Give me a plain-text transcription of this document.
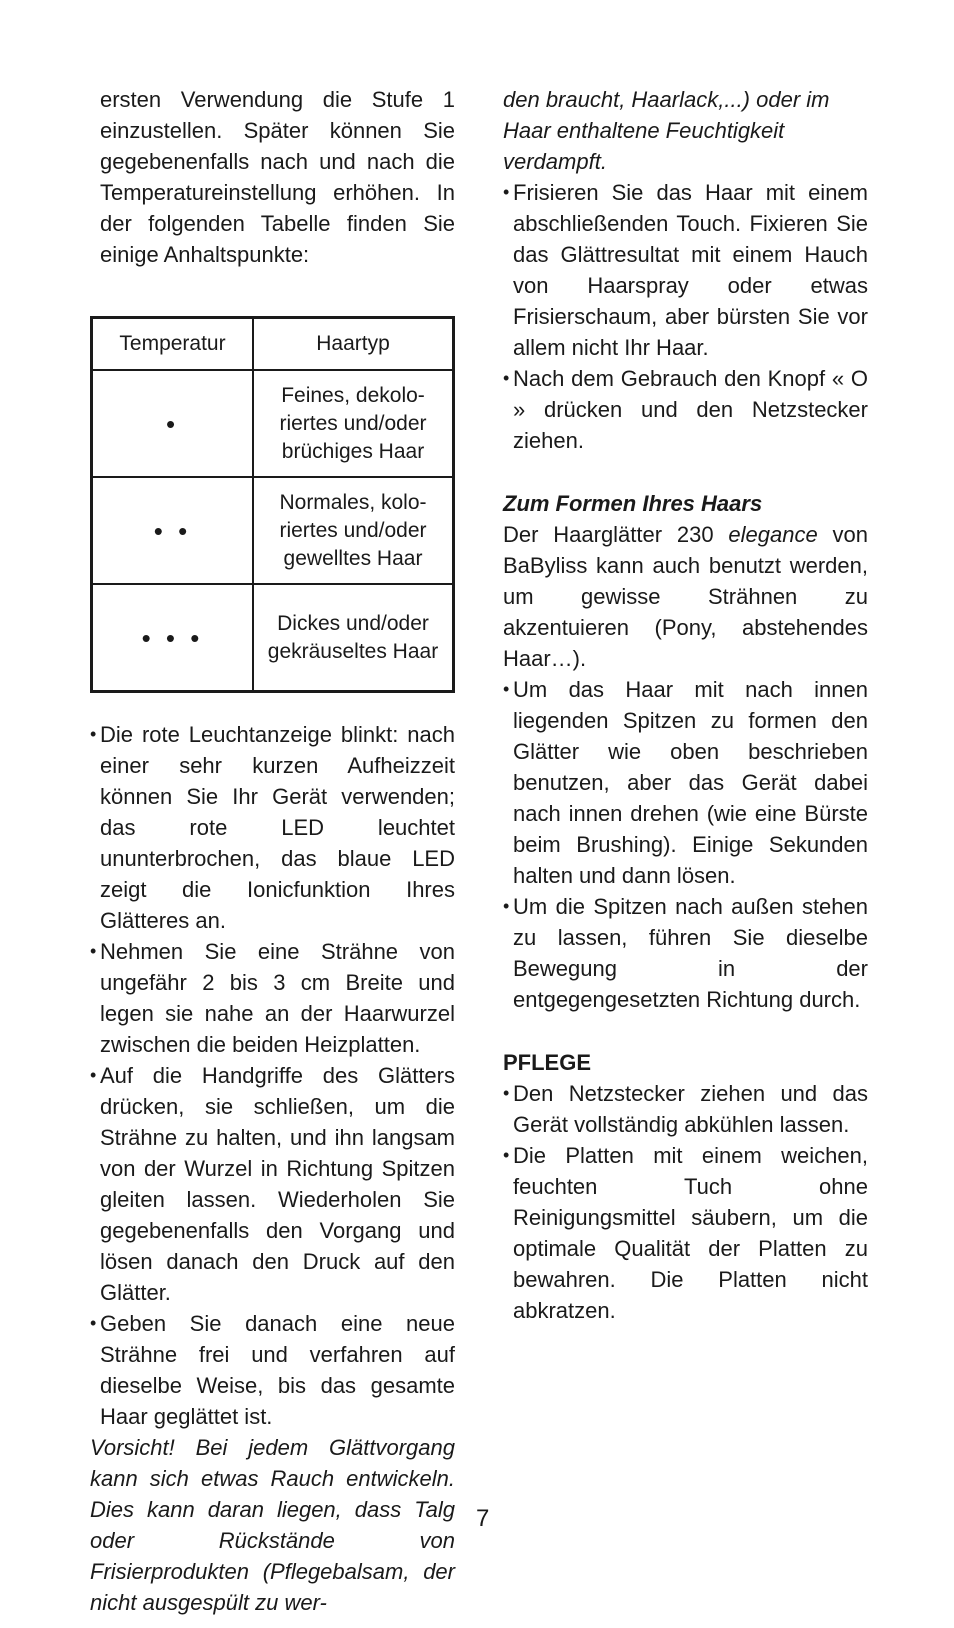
ersten Verwendung die Stufe 1 einzustellen. Später können Sie gegebenenfalls nach und nach die Temperatureinstellung erhöhen. In der folgenden Tabelle finden Sie einige Anhaltspunkte:

Temperatur	Haartyp
•	Feines, dekolo-riertes und/oder brüchiges Haar
• •	Normales, kolo-riertes und/oder gewelltes Haar
• • •	Dickes und/oder gekräuseltes Haar
• Die rote Leuchtanzeige blinkt: nach einer sehr kurzen Aufheizzeit können Sie Ihr Gerät verwenden; das rote LED leuchtet ununterbrochen, das blaue LED zeigt die Ionicfunktion Ihres Glätteres an.
• Nehmen Sie eine Strähne von ungefähr 2 bis 3 cm Breite und legen sie nahe an der Haarwurzel zwischen die beiden Heizplatten.
• Auf die Handgriffe des Glätters drücken, sie schließen, um die Strähne zu halten, und ihn langsam von der Wurzel in Richtung Spitzen gleiten lassen. Wiederholen Sie gegebenenfalls den Vorgang und lösen danach den Druck auf den Glätter.
• Geben Sie danach eine neue Strähne frei und verfahren auf dieselbe Weise, bis das gesamte Haar geglättet ist.

Vorsicht! Bei jedem Glättvorgang kann sich etwas Rauch entwickeln. Dies kann daran liegen, dass Talg oder Rückstände von Frisierprodukten (Pflegebalsam, der nicht ausgespült zu wer-

den braucht, Haarlack,...) oder im Haar enthaltene Feuchtigkeit verdampft.

• Frisieren Sie das Haar mit einem abschließenden Touch. Fixieren Sie das Glättresultat mit einem Hauch von Haarspray oder etwas Frisierschaum, aber bürsten Sie vor allem nicht Ihr Haar.
• Nach dem Gebrauch den Knopf « O » drücken und den Netzstecker ziehen.

Zum Formen Ihres Haars

Der Haarglätter 230 elegance von BaByliss kann auch benutzt werden, um gewisse Strähnen zu akzentuieren (Pony, abstehendes Haar…).

• Um das Haar mit nach innen liegenden Spitzen zu formen den Glätter wie oben beschrieben benutzen, aber das Gerät dabei nach innen drehen (wie eine Bürste beim Brushing). Einige Sekunden halten und dann lösen.
• Um die Spitzen nach außen stehen zu lassen, führen Sie dieselbe Bewegung in der entgegengesetzten Richtung durch.

PFLEGE

• Den Netzstecker ziehen und das Gerät vollständig abkühlen lassen.
• Die Platten mit einem weichen, feuchten Tuch ohne Reinigungsmittel säubern, um die optimale Qualität der Platten zu bewahren. Die Platten nicht abkratzen.
7
